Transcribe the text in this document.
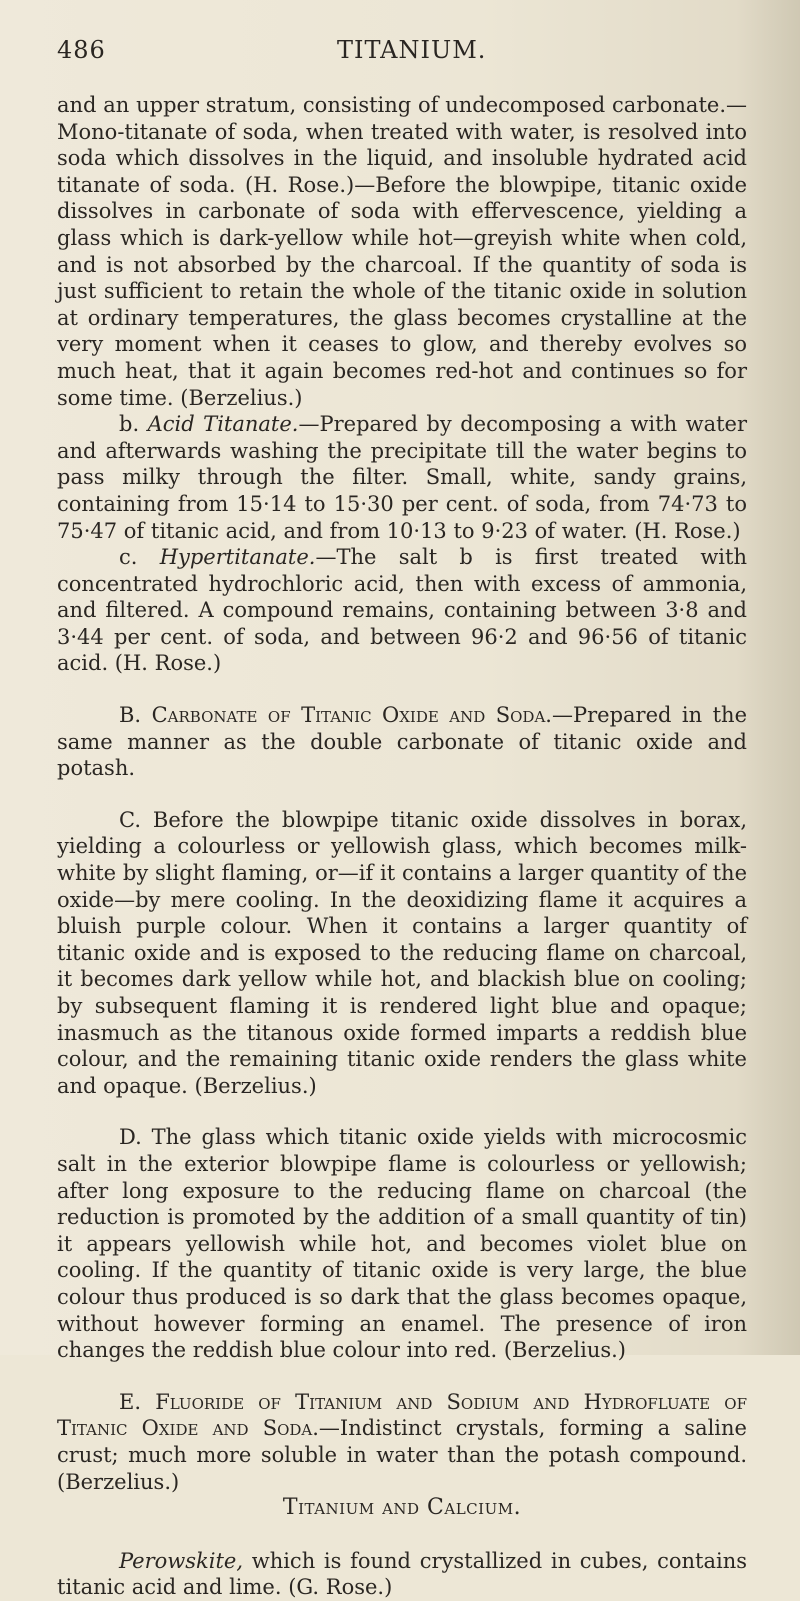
486	TITANIUM.

and an upper stratum, consisting of undecomposed carbonate.—Mono-titanate of soda, when treated with water, is resolved into soda which dissolves in the liquid, and insoluble hydrated acid titanate of soda. (H. Rose.)—Before the blowpipe, titanic oxide dissolves in carbonate of soda with effervescence, yielding a glass which is dark-yellow while hot—greyish white when cold, and is not absorbed by the charcoal. If the quantity of soda is just sufficient to retain the whole of the titanic oxide in solution at ordinary temperatures, the glass becomes crystalline at the very moment when it ceases to glow, and thereby evolves so much heat, that it again becomes red-hot and continues so for some time. (Berzelius.)

b. Acid Titanate.—Prepared by decomposing a with water and afterwards washing the precipitate till the water begins to pass milky through the filter. Small, white, sandy grains, containing from 15·14 to 15·30 per cent. of soda, from 74·73 to 75·47 of titanic acid, and from 10·13 to 9·23 of water. (H. Rose.)

c. Hypertitanate.—The salt b is first treated with concentrated hydrochloric acid, then with excess of ammonia, and filtered. A compound remains, containing between 3·8 and 3·44 per cent. of soda, and between 96·2 and 96·56 of titanic acid. (H. Rose.)

B. Carbonate of Titanic Oxide and Soda.—Prepared in the same manner as the double carbonate of titanic oxide and potash.

C. Before the blowpipe titanic oxide dissolves in borax, yielding a colourless or yellowish glass, which becomes milk-white by slight flaming, or—if it contains a larger quantity of the oxide—by mere cooling. In the deoxidizing flame it acquires a bluish purple colour. When it contains a larger quantity of titanic oxide and is exposed to the reducing flame on charcoal, it becomes dark yellow while hot, and blackish blue on cooling; by subsequent flaming it is rendered light blue and opaque; inasmuch as the titanous oxide formed imparts a reddish blue colour, and the remaining titanic oxide renders the glass white and opaque. (Berzelius.)

D. The glass which titanic oxide yields with microcosmic salt in the exterior blowpipe flame is colourless or yellowish; after long exposure to the reducing flame on charcoal (the reduction is promoted by the addition of a small quantity of tin) it appears yellowish while hot, and becomes violet blue on cooling. If the quantity of titanic oxide is very large, the blue colour thus produced is so dark that the glass becomes opaque, without however forming an enamel. The presence of iron changes the reddish blue colour into red. (Berzelius.)

E. Fluoride of Titanium and Sodium and Hydrofluate of Titanic Oxide and Soda.—Indistinct crystals, forming a saline crust; much more soluble in water than the potash compound. (Berzelius.)

Titanium and Calcium.

Perowskite, which is found crystallized in cubes, contains titanic acid and lime. (G. Rose.)
